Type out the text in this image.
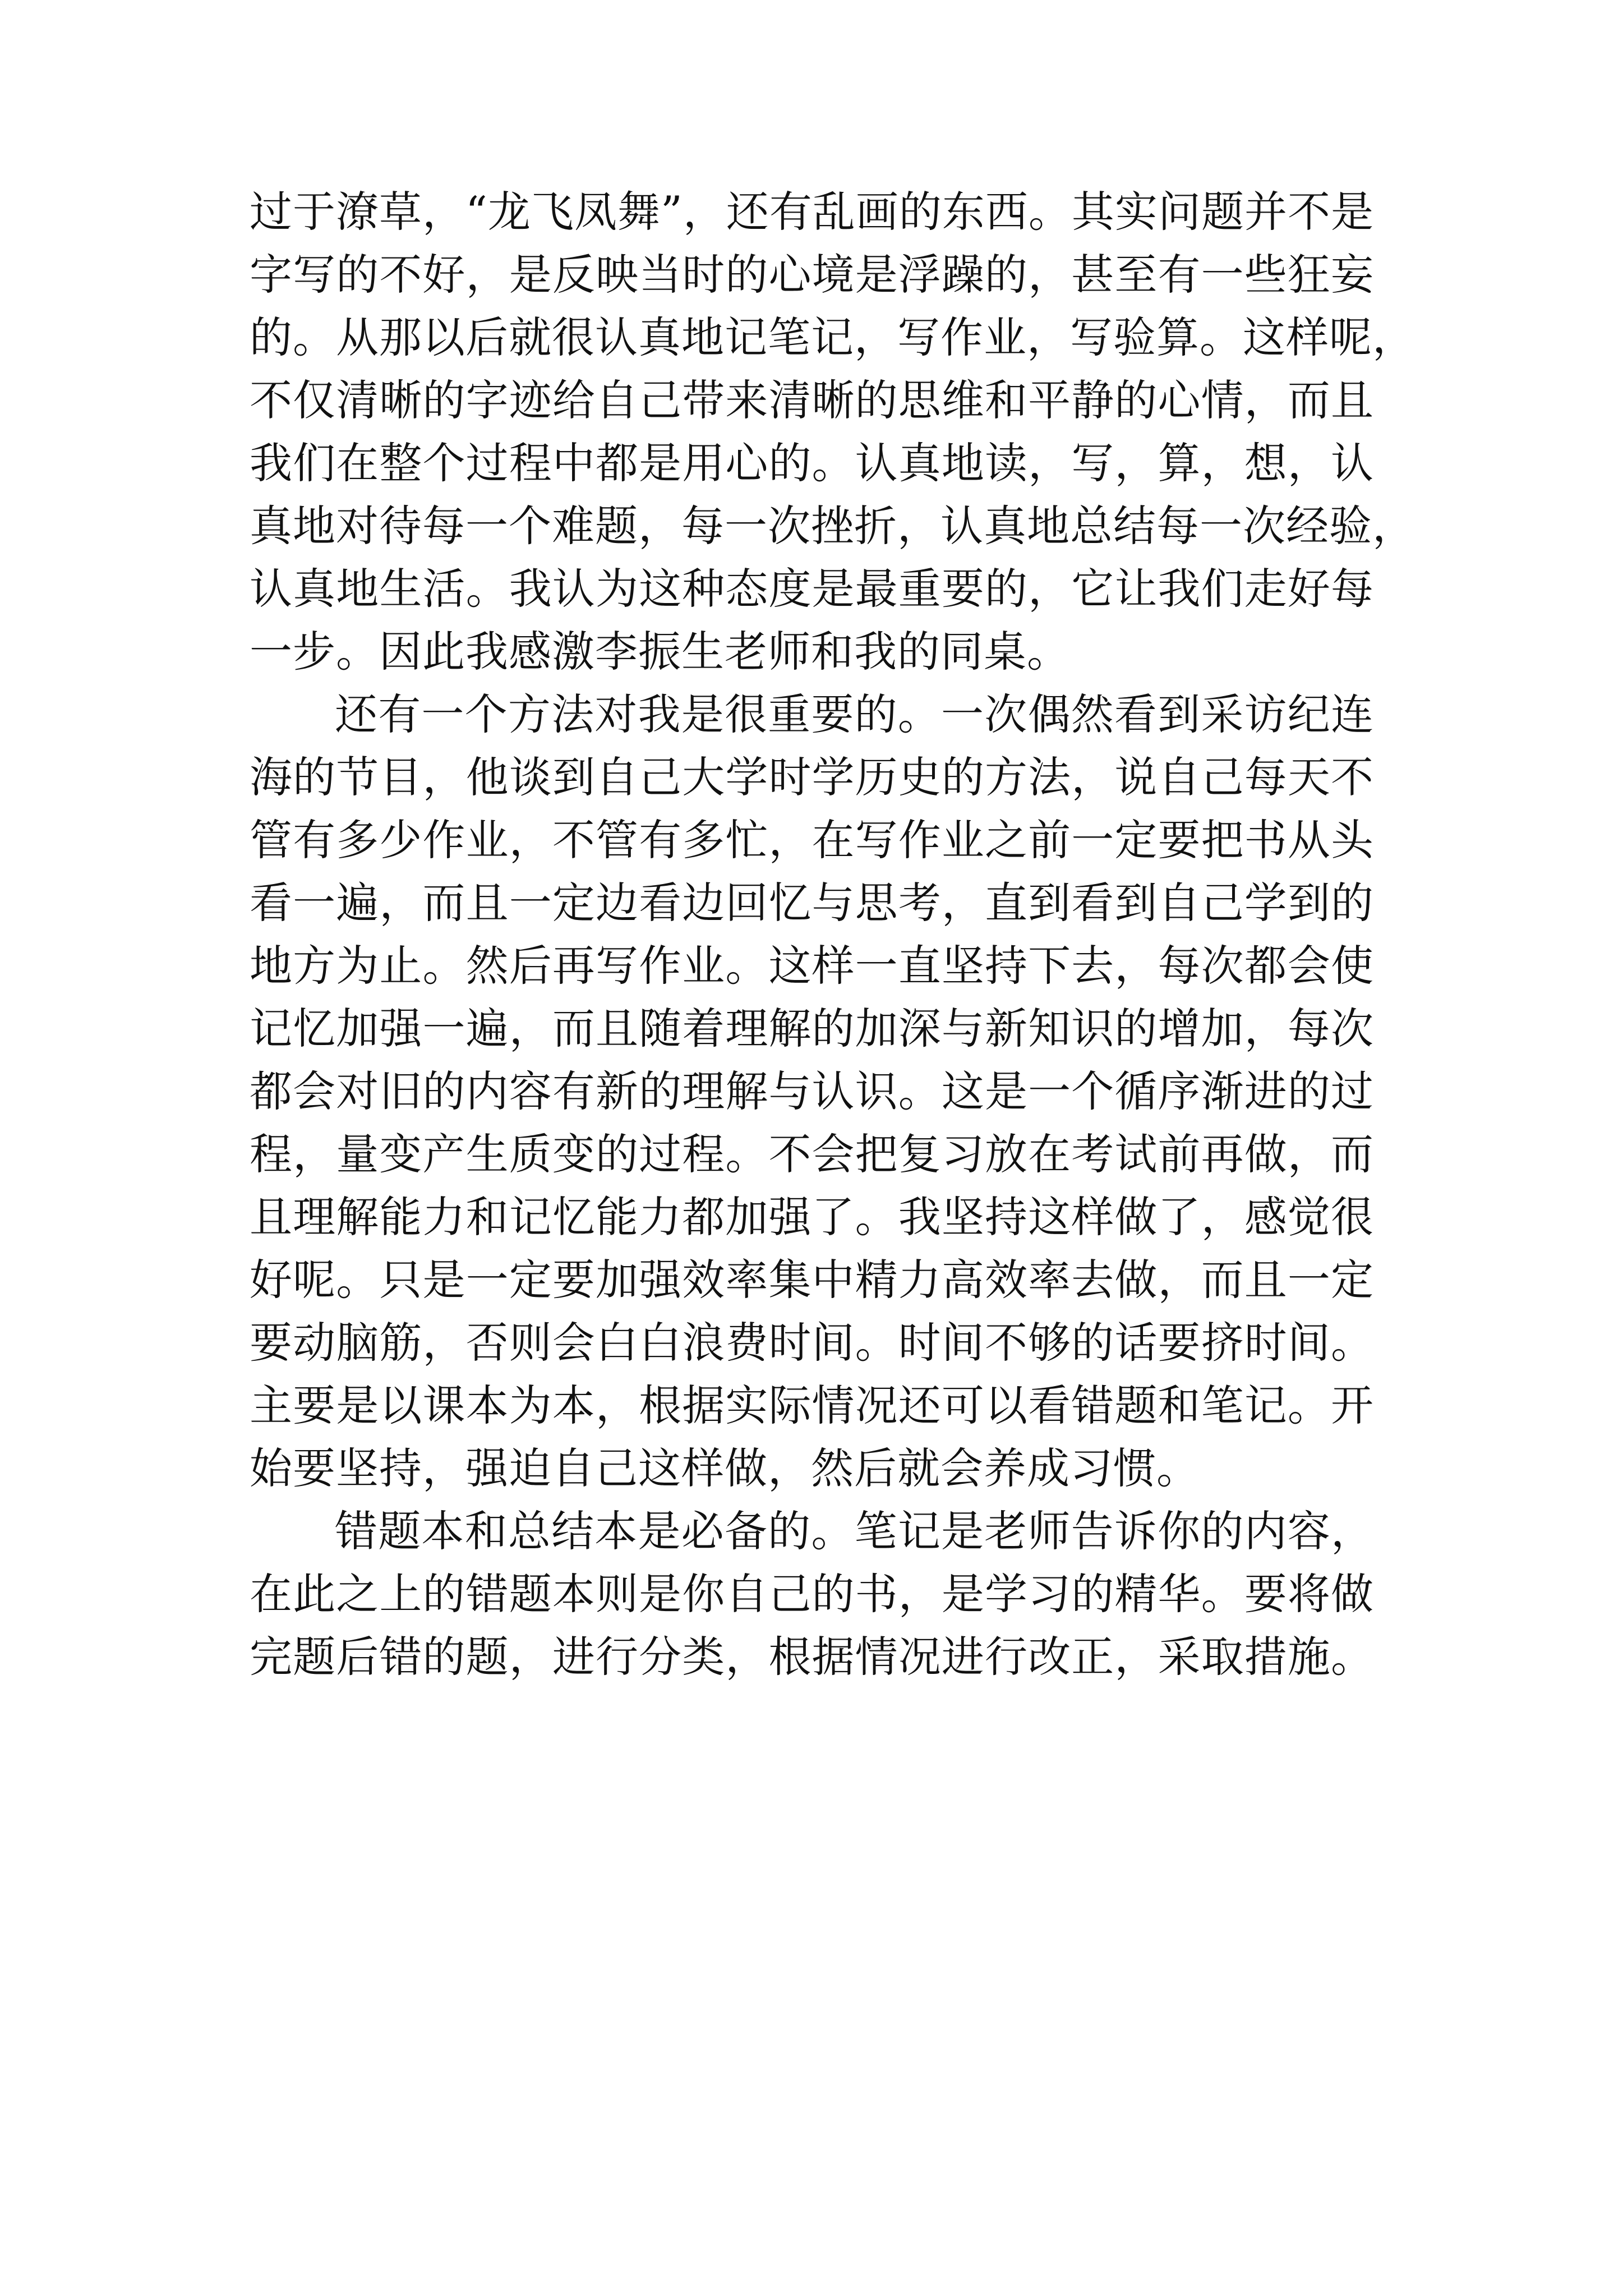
过于潦草，“龙飞凤舞”，还有乱画的东西。其实问题并不是
字写的不好，是反映当时的心境是浮躁的，甚至有一些狂妄
的。从那以后就很认真地记笔记，写作业，写验算。这样呢，
不仅清晰的字迹给自己带来清晰的思维和平静的心情，而且
我们在整个过程中都是用心的。认真地读，写，算，想，认
真地对待每一个难题，每一次挫折，认真地总结每一次经验，
认真地生活。我认为这种态度是最重要的，它让我们走好每
一步。因此我感激李振生老师和我的同桌。
还有一个方法对我是很重要的。一次偶然看到采访纪连
海的节目，他谈到自己大学时学历史的方法，说自己每天不
管有多少作业，不管有多忙，在写作业之前一定要把书从头
看一遍，而且一定边看边回忆与思考，直到看到自己学到的
地方为止。然后再写作业。这样一直坚持下去，每次都会使
记忆加强一遍，而且随着理解的加深与新知识的增加，每次
都会对旧的内容有新的理解与认识。这是一个循序渐进的过
程，量变产生质变的过程。不会把复习放在考试前再做，而
且理解能力和记忆能力都加强了。我坚持这样做了，感觉很
好呢。只是一定要加强效率集中精力高效率去做，而且一定
要动脑筋，否则会白白浪费时间。时间不够的话要挤时间。
主要是以课本为本，根据实际情况还可以看错题和笔记。开
始要坚持，强迫自己这样做，然后就会养成习惯。
错题本和总结本是必备的。笔记是老师告诉你的内容，
在此之上的错题本则是你自己的书，是学习的精华。要将做
完题后错的题，进行分类，根据情况进行改正，采取措施。
